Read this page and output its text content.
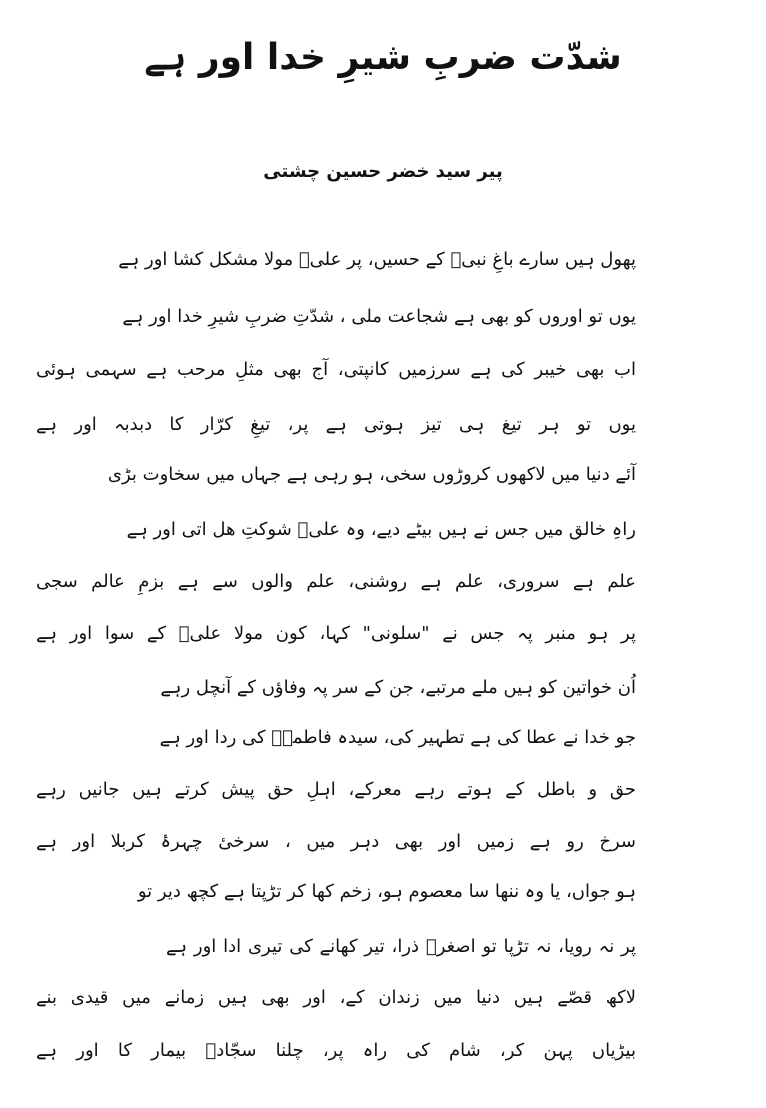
شدّت ضربِ شیرِ خدا اور ہے
پیر سید خضر حسین چشتی
پھول ہیں سارے باغِ نبیؐ کے حسیں، پر علیؑ مولا مشکل کشا اور ہے
یوں تو اوروں کو بھی ہے شجاعت ملی ، شدّتِ ضربِ شیرِ خدا اور ہے
اب بھی خیبر کی ہے سرزمیں کانپتی، آج بھی مثلِ مرحب ہے سہمی ہوئی
یوں تو ہر تیغ ہی تیز ہوتی ہے پر، تیغِ کرّار کا دبدبہ اور ہے
آئے دنیا میں لاکھوں کروڑوں سخی، ہو رہی ہے جہاں میں سخاوت بڑی
راہِ خالق میں جس نے ہیں بیٹے دیے، وہ علیؑ شوکتِ ھل اتی اور ہے
علم ہے سروری، علم ہے روشنی، علم والوں سے ہے بزمِ عالم سجی
پر ہو منبر پہ جس نے "سلونی" کہا، کون مولا علیؑ کے سوا اور ہے
اُن خواتین کو ہیں ملے مرتبے، جن کے سر پہ وفاؤں کے آنچل رہے
جو خدا نے عطا کی ہے تطہیر کی، سیدہ فاطمہؑ کی ردا اور ہے
حق و باطل کے ہوتے رہے معرکے، اہلِ حق پیش کرتے ہیں جانیں رہے
سرخ رو ہے زمیں اور بھی دہر میں ، سرخیٔ چہرۂ کربلا اور ہے
ہو جواں، یا وہ ننھا سا معصوم ہو، زخم کھا کر تڑپتا ہے کچھ دیر تو
پر نہ رویا، نہ تڑپا تو اصغرؑ ذرا، تیر کھانے کی تیری ادا اور ہے
لاکھ قصّے ہیں دنیا میں زندان کے، اور بھی ہیں زمانے میں قیدی بنے
بیڑیاں پہن کر، شام کی راہ پر، چلنا سجّادؑ بیمار کا اور ہے
